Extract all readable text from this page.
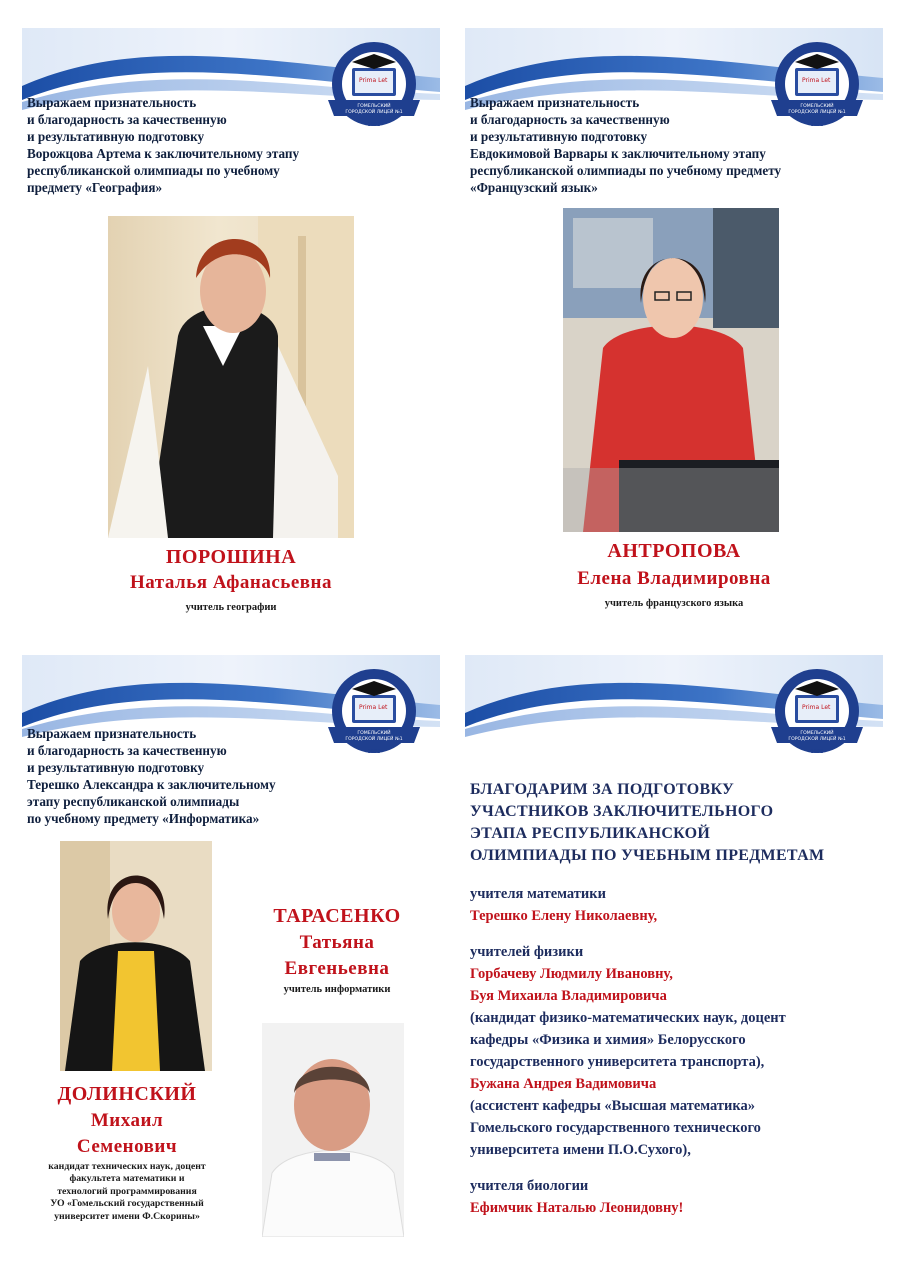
Prima Let
ГОМЕЛЬСКИЙ
ГОРОДСКОЙ ЛИЦЕЙ №1
1992
Выражаем признательность
и благодарность за качественную
и результативную подготовку
Ворожцова Артема к заключительному этапу
республиканской олимпиады по учебному
предмету «География»
ПОРОШИНА
Наталья Афанасьевна
учитель географии
Prima Let
ГОМЕЛЬСКИЙ
ГОРОДСКОЙ ЛИЦЕЙ №1
1992
Выражаем признательность
и благодарность за качественную
и результативную подготовку
Евдокимовой Варвары к заключительному этапу
республиканской олимпиады по учебному предмету
«Французский язык»
АНТРОПОВА
Елена Владимировна
учитель французского языка
Prima Let
ГОМЕЛЬСКИЙ
ГОРОДСКОЙ ЛИЦЕЙ №1
1992
Выражаем признательность
и благодарность за качественную
и результативную подготовку
Терешко Александра к заключительному
этапу республиканской олимпиады
по учебному предмету «Информатика»
ТАРАСЕНКО
Татьяна
Евгеньевна
учитель информатики
ДОЛИНСКИЙ
Михаил
Семенович
кандидат технических наук, доцент
факультета математики и
технологий программирования
УО «Гомельский государственный
университет имени Ф.Скорины»
Prima Let
ГОМЕЛЬСКИЙ
ГОРОДСКОЙ ЛИЦЕЙ №1
1992
БЛАГОДАРИМ ЗА ПОДГОТОВКУ
УЧАСТНИКОВ ЗАКЛЮЧИТЕЛЬНОГО
ЭТАПА РЕСПУБЛИКАНСКОЙ
ОЛИМПИАДЫ ПО УЧЕБНЫМ ПРЕДМЕТАМ
учителя математики
Терешко Елену Николаевну,
учителей физики
Горбачеву Людмилу Ивановну,
Буя Михаила Владимировича
(кандидат физико-математических наук, доцент
кафедры «Физика и химия» Белорусского
государственного университета транспорта),
Бужана Андрея Вадимовича
(ассистент кафедры «Высшая математика»
Гомельского государственного технического
университета имени П.О.Сухого),
учителя биологии
Ефимчик Наталью Леонидовну!
